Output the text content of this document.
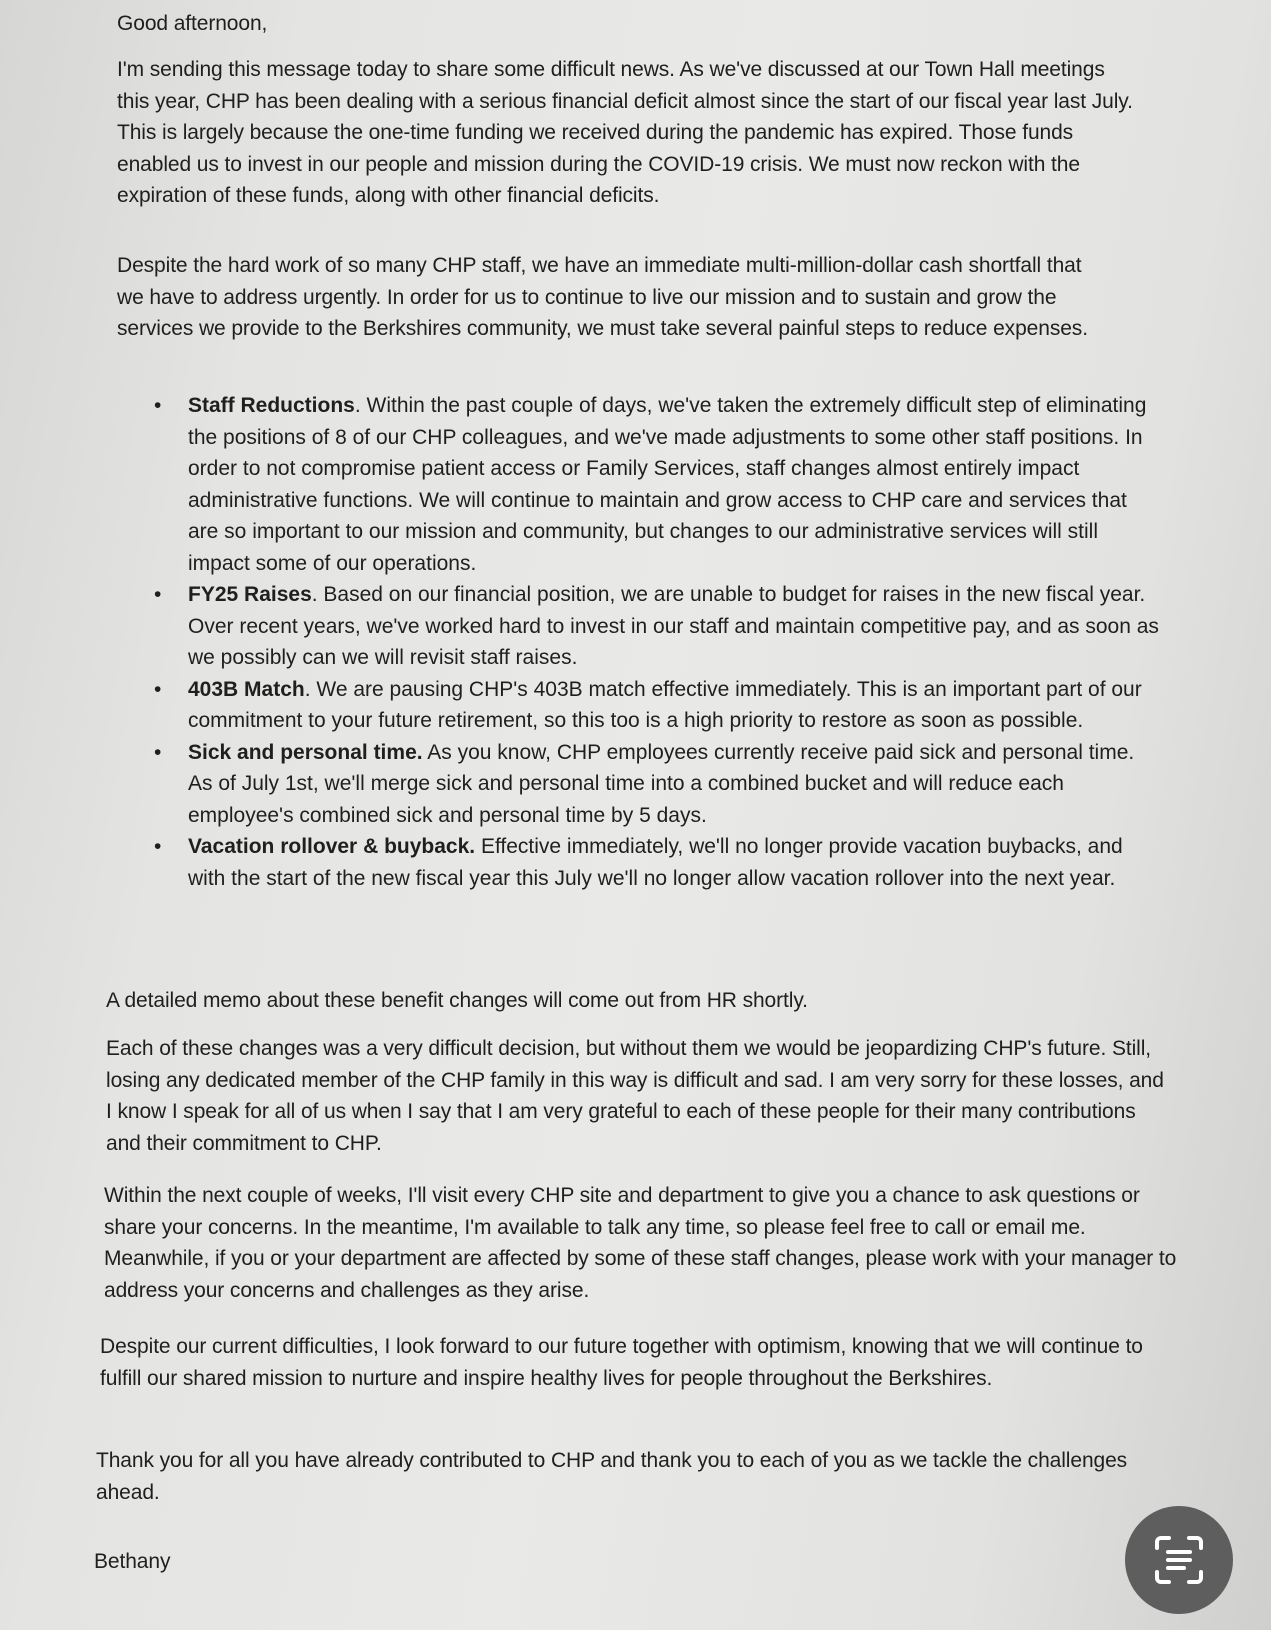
Good afternoon,
I'm sending this message today to share some difficult news. As we've discussed at our Town Hall meetings this year, CHP has been dealing with a serious financial deficit almost since the start of our fiscal year last July. This is largely because the one-time funding we received during the pandemic has expired. Those funds enabled us to invest in our people and mission during the COVID-19 crisis. We must now reckon with the expiration of these funds, along with other financial deficits.
Despite the hard work of so many CHP staff, we have an immediate multi-million-dollar cash shortfall that we have to address urgently. In order for us to continue to live our mission and to sustain and grow the services we provide to the Berkshires community, we must take several painful steps to reduce expenses.
• Staff Reductions. Within the past couple of days, we've taken the extremely difficult step of eliminating the positions of 8 of our CHP colleagues, and we've made adjustments to some other staff positions. In order to not compromise patient access or Family Services, staff changes almost entirely impact administrative functions. We will continue to maintain and grow access to CHP care and services that are so important to our mission and community, but changes to our administrative services will still impact some of our operations.
• FY25 Raises. Based on our financial position, we are unable to budget for raises in the new fiscal year. Over recent years, we've worked hard to invest in our staff and maintain competitive pay, and as soon as we possibly can we will revisit staff raises.
• 403B Match. We are pausing CHP's 403B match effective immediately. This is an important part of our commitment to your future retirement, so this too is a high priority to restore as soon as possible.
• Sick and personal time. As you know, CHP employees currently receive paid sick and personal time. As of July 1st, we'll merge sick and personal time into a combined bucket and will reduce each employee's combined sick and personal time by 5 days.
• Vacation rollover & buyback. Effective immediately, we'll no longer provide vacation buybacks, and with the start of the new fiscal year this July we'll no longer allow vacation rollover into the next year.
A detailed memo about these benefit changes will come out from HR shortly.
Each of these changes was a very difficult decision, but without them we would be jeopardizing CHP's future. Still, losing any dedicated member of the CHP family in this way is difficult and sad. I am very sorry for these losses, and I know I speak for all of us when I say that I am very grateful to each of these people for their many contributions and their commitment to CHP.
Within the next couple of weeks, I'll visit every CHP site and department to give you a chance to ask questions or share your concerns. In the meantime, I'm available to talk any time, so please feel free to call or email me. Meanwhile, if you or your department are affected by some of these staff changes, please work with your manager to address your concerns and challenges as they arise.
Despite our current difficulties, I look forward to our future together with optimism, knowing that we will continue to fulfill our shared mission to nurture and inspire healthy lives for people throughout the Berkshires.
Thank you for all you have already contributed to CHP and thank you to each of you as we tackle the challenges ahead.
Bethany
